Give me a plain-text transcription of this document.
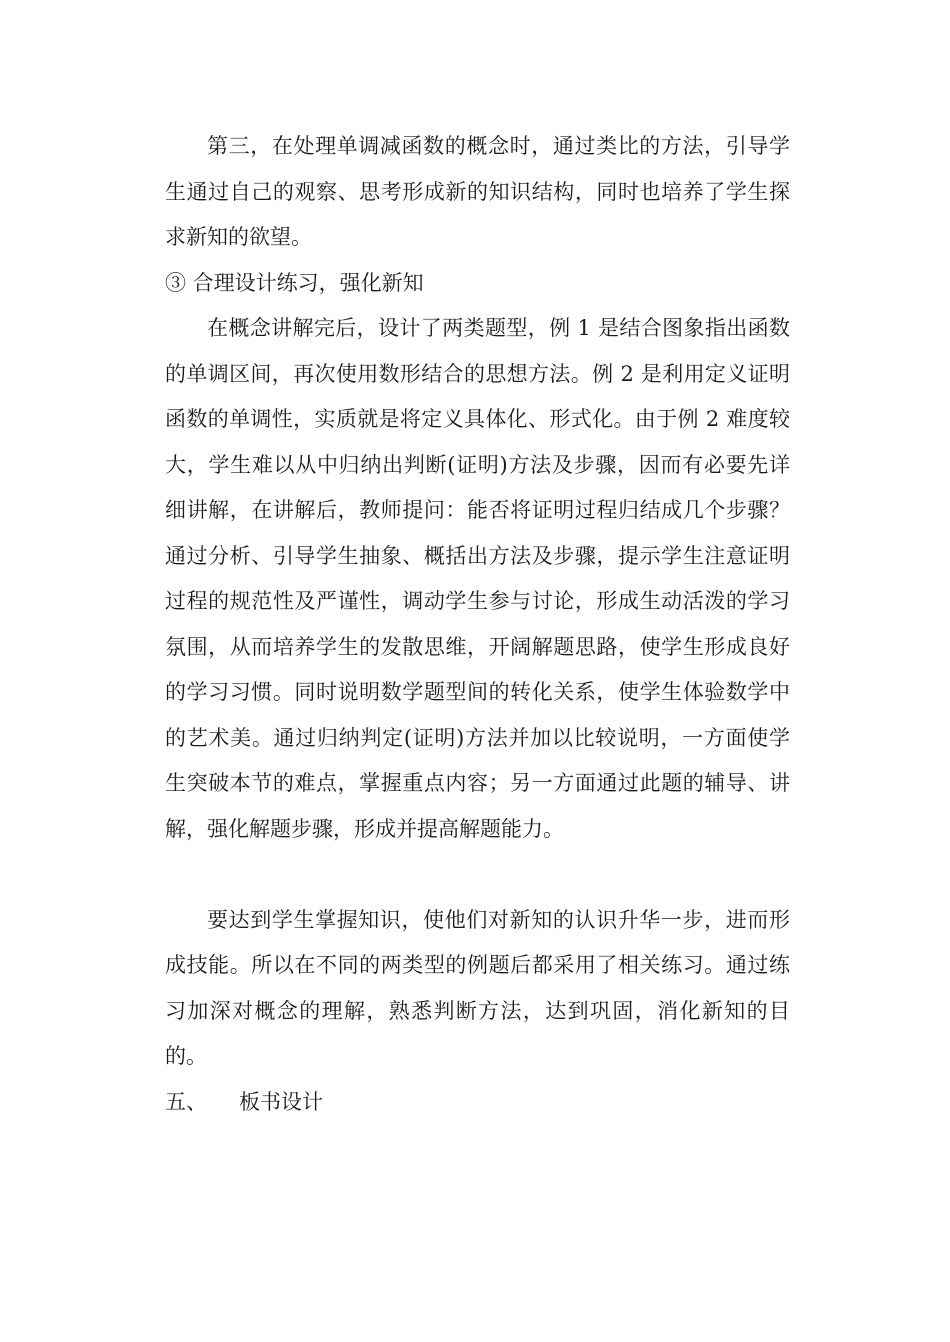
第三，在处理单调减函数的概念时，通过类比的方法，引导学生通过自己的观察、思考形成新的知识结构，同时也培养了学生探求新知的欲望。

③ 合理设计练习，强化新知

在概念讲解完后，设计了两类题型，例 1 是结合图象指出函数的单调区间，再次使用数形结合的思想方法。例 2 是利用定义证明函数的单调性，实质就是将定义具体化、形式化。由于例 2 难度较大，学生难以从中归纳出判断(证明)方法及步骤，因而有必要先详细讲解，在讲解后，教师提问：能否将证明过程归结成几个步骤？通过分析、引导学生抽象、概括出方法及步骤，提示学生注意证明过程的规范性及严谨性，调动学生参与讨论，形成生动活泼的学习氛围，从而培养学生的发散思维，开阔解题思路，使学生形成良好的学习习惯。同时说明数学题型间的转化关系，使学生体验数学中的艺术美。通过归纳判定(证明)方法并加以比较说明，一方面使学生突破本节的难点，掌握重点内容；另一方面通过此题的辅导、讲解，强化解题步骤，形成并提高解题能力。

要达到学生掌握知识，使他们对新知的认识升华一步，进而形成技能。所以在不同的两类型的例题后都采用了相关练习。通过练习加深对概念的理解，熟悉判断方法，达到巩固，消化新知的目的。

五、 板书设计
